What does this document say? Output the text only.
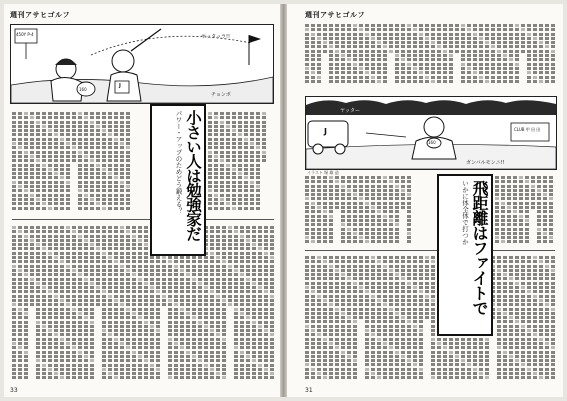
週刊アサヒゴルフ
450Y P-4	ヤッタッラ!!
チョンボ
160
J
小さい人は勉強家だ
パワー・アップのためどう鍛える？
33
週刊アサヒゴルフ
ヤッター
CLUB 甲 田 田
160
J
ガンバルモンニ!!
イラスト 堀 雄 造
飛距離はファイトで
いかに体全体で打つか
31
